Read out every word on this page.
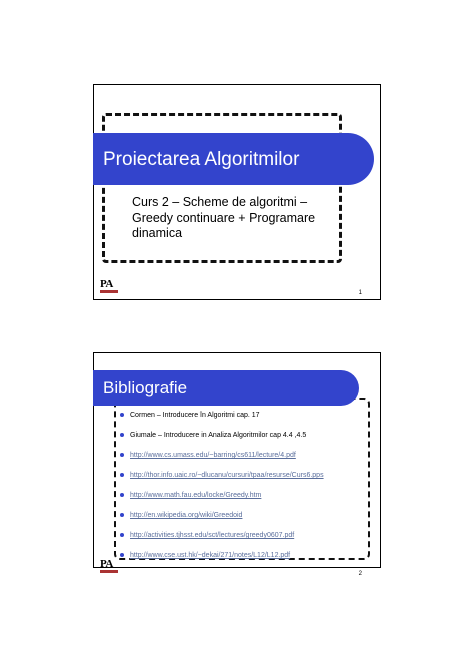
Proiectarea Algoritmilor
Curs 2 – Scheme de algoritmi –
Greedy continuare + Programare
dinamica
PA
1
Bibliografie
Cormen – Introducere în Algoritmi cap. 17
Giumale – Introducere in Analiza Algoritmilor cap 4.4 ,4.5
http://www.cs.umass.edu/~barring/cs611/lecture/4.pdf
http://thor.info.uaic.ro/~dlucanu/cursuri/tpaa/resurse/Curs6.pps
http://www.math.fau.edu/locke/Greedy.htm
http://en.wikipedia.org/wiki/Greedoid
http://activities.tjhsst.edu/sct/lectures/greedy0607.pdf
http://www.cse.ust.hk/~dekai/271/notes/L12/L12.pdf
PA
2
